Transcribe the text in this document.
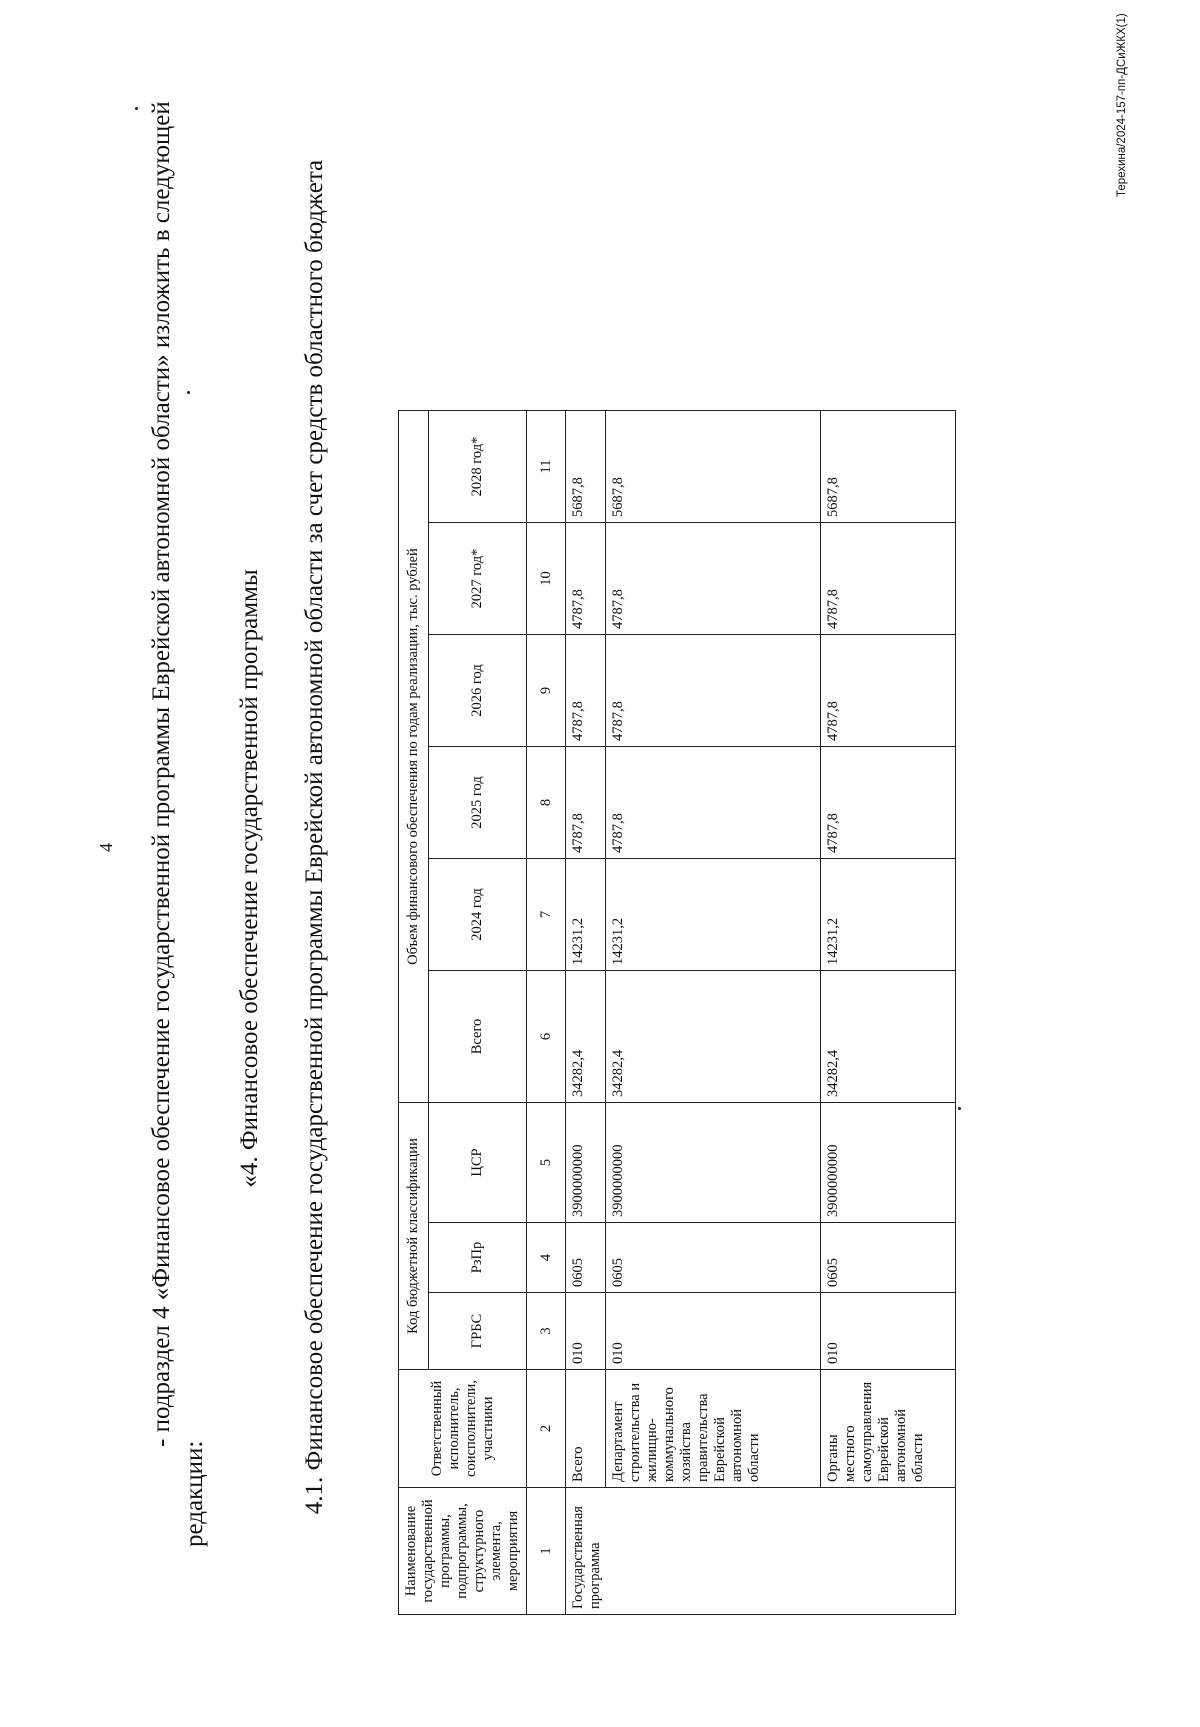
4 - подраздел 4 «Финансовое обеспечение государственной программы Еврейской автономной области» изложить в следующей редакции:
«4. Финансовое обеспечение государственной программы 4.1. Финансовое обеспечение государственной программы Еврейской автономной области за счет средств областного бюджета
Наименование государственной программы, подпрограммы, структурного элемента, мероприятия	Ответственный исполнитель, соисполнители, участники	Код бюджетной классификации			Объем финансового обеспечения по годам реализации, тыс. рублей					
		ГРБС	РзПр	ЦСР	Всего	2024 год	2025 год	2026 год	2027 год*	2028 год*
1	2	3	4	5	6	7	8	9	10	11
Государственная программа	Всего	010	0605	3900000000	34282,4	14231,2	4787,8	4787,8	4787,8	5687,8
	Департамент строительства и жилищно-коммунального хозяйства правительства Еврейской автономной области	010	0605	3900000000	34282,4	14231,2	4787,8	4787,8	4787,8	5687,8
	Органы местного самоуправления Еврейской автономной области	010	0605	3900000000	34282,4	14231,2	4787,8	4787,8	4787,8	5687,8
Терехина/2024-157-пп-ДСиЖКХ(1)
